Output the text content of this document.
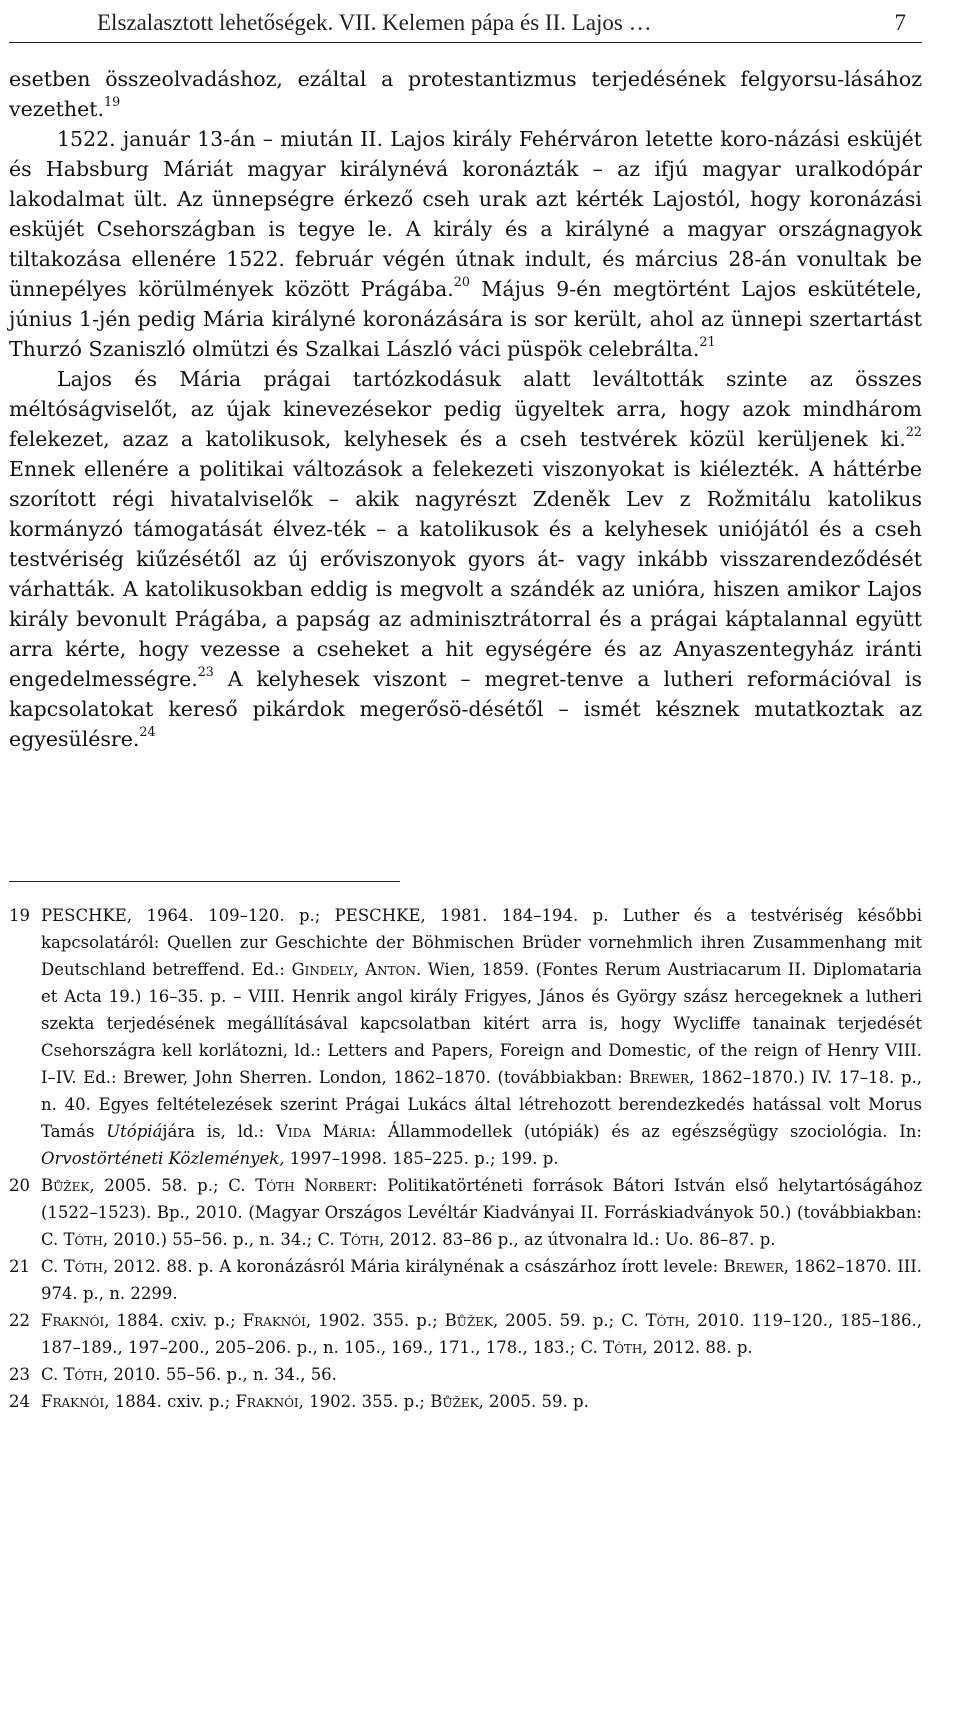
Elszalasztott lehetőségek. VII. Kelemen pápa és II. Lajos …	7

esetben összeolvadáshoz, ezáltal a protestantizmus terjedésének felgyorsu-lásához vezethet.$^{19}$

1522. január 13-án – miután II. Lajos király Fehérváron letette koro-názási esküjét és Habsburg Máriát magyar királynévá koronázták – az ifjú magyar uralkodópár lakodalmat ült. Az ünnepségre érkező cseh urak azt kérték Lajostól, hogy koronázási esküjét Csehországban is tegye le. A király és a királyné a magyar országnagyok tiltakozása ellenére 1522. február végén útnak indult, és március 28-án vonultak be ünnepélyes körülmények között Prágába.$^{20}$ Május 9-én megtörtént Lajos eskütétele, június 1-jén pedig Mária királyné koronázására is sor került, ahol az ünnepi szertartást Thurzó Szaniszló olmützi és Szalkai László váci püspök celebrálta.$^{21}$

Lajos és Mária prágai tartózkodásuk alatt leváltották szinte az összes méltóságviselőt, az újak kinevezésekor pedig ügyeltek arra, hogy azok mindhárom felekezet, azaz a katolikusok, kelyhesek és a cseh testvérek közül kerüljenek ki.$^{22}$ Ennek ellenére a politikai változások a felekezeti viszonyokat is kiélezték. A háttérbe szorított régi hivatalviselők – akik nagyrészt Zdeněk Lev z Rožmitálu katolikus kormányzó támogatását élvez-ték – a katolikusok és a kelyhesek uniójától és a cseh testvériség kiűzésétől az új erőviszonyok gyors át- vagy inkább visszarendeződését várhatták. A katolikusokban eddig is megvolt a szándék az unióra, hiszen amikor Lajos király bevonult Prágába, a papság az adminisztrátorral és a prágai káptalannal együtt arra kérte, hogy vezesse a cseheket a hit egységére és az Anyaszentegyház iránti engedelmességre.$^{23}$ A kelyhesek viszont – megret-tenve a lutheri reformációval is kapcsolatokat kereső pikárdok megerősö-désétől – ismét késznek mutatkoztak az egyesülésre.$^{24}$

19 PESCHKE, 1964. 109–120. p.; PESCHKE, 1981. 184–194. p. Luther és a testvériség későbbi kapcsolatáról: Quellen zur Geschichte der Böhmischen Brüder vornehmlich ihren Zusammenhang mit Deutschland betreffend. Ed.: Gindely, Anton. Wien, 1859. (Fontes Rerum Austriacarum II. Diplomataria et Acta 19.) 16–35. p. – VIII. Henrik angol király Frigyes, János és György szász hercegeknek a lutheri szekta terjedésének megállításával kapcsolatban kitért arra is, hogy Wycliffe tanainak terjedését Csehországra kell korlátozni, ld.: Letters and Papers, Foreign and Domestic, of the reign of Henry VIII. I–IV. Ed.: Brewer, John Sherren. London, 1862–1870. (továbbiakban: Brewer, 1862–1870.) IV. 17–18. p., n. 40. Egyes feltételezések szerint Prágai Lukács által létrehozott berendezkedés hatással volt Morus Tamás Utópiájára is, ld.: Vida Mária: Állammodellek (utópiák) és az egészségügy szociológia. In: Orvostörténeti Közlemények, 1997–1998. 185–225. p.; 199. p.
20 Bůžek, 2005. 58. p.; C. Tóth Norbert: Politikatörténeti források Bátori István első helytartóságához (1522–1523). Bp., 2010. (Magyar Országos Levéltár Kiadványai II. Forráskiadványok 50.) (továbbiakban: C. Tóth, 2010.) 55–56. p., n. 34.; C. Tóth, 2012. 83–86 p., az útvonalra ld.: Uo. 86–87. p.
21 C. Tóth, 2012. 88. p. A koronázásról Mária királynénak a császárhoz írott levele: Brewer, 1862–1870. III. 974. p., n. 2299.
22 Fraknói, 1884. cxiv. p.; Fraknói, 1902. 355. p.; Bůžek, 2005. 59. p.; C. Tóth, 2010. 119–120., 185–186., 187–189., 197–200., 205–206. p., n. 105., 169., 171., 178., 183.; C. Tóth, 2012. 88. p.
23 C. Tóth, 2010. 55–56. p., n. 34., 56.
24 Fraknói, 1884. cxiv. p.; Fraknói, 1902. 355. p.; Bůžek, 2005. 59. p.
